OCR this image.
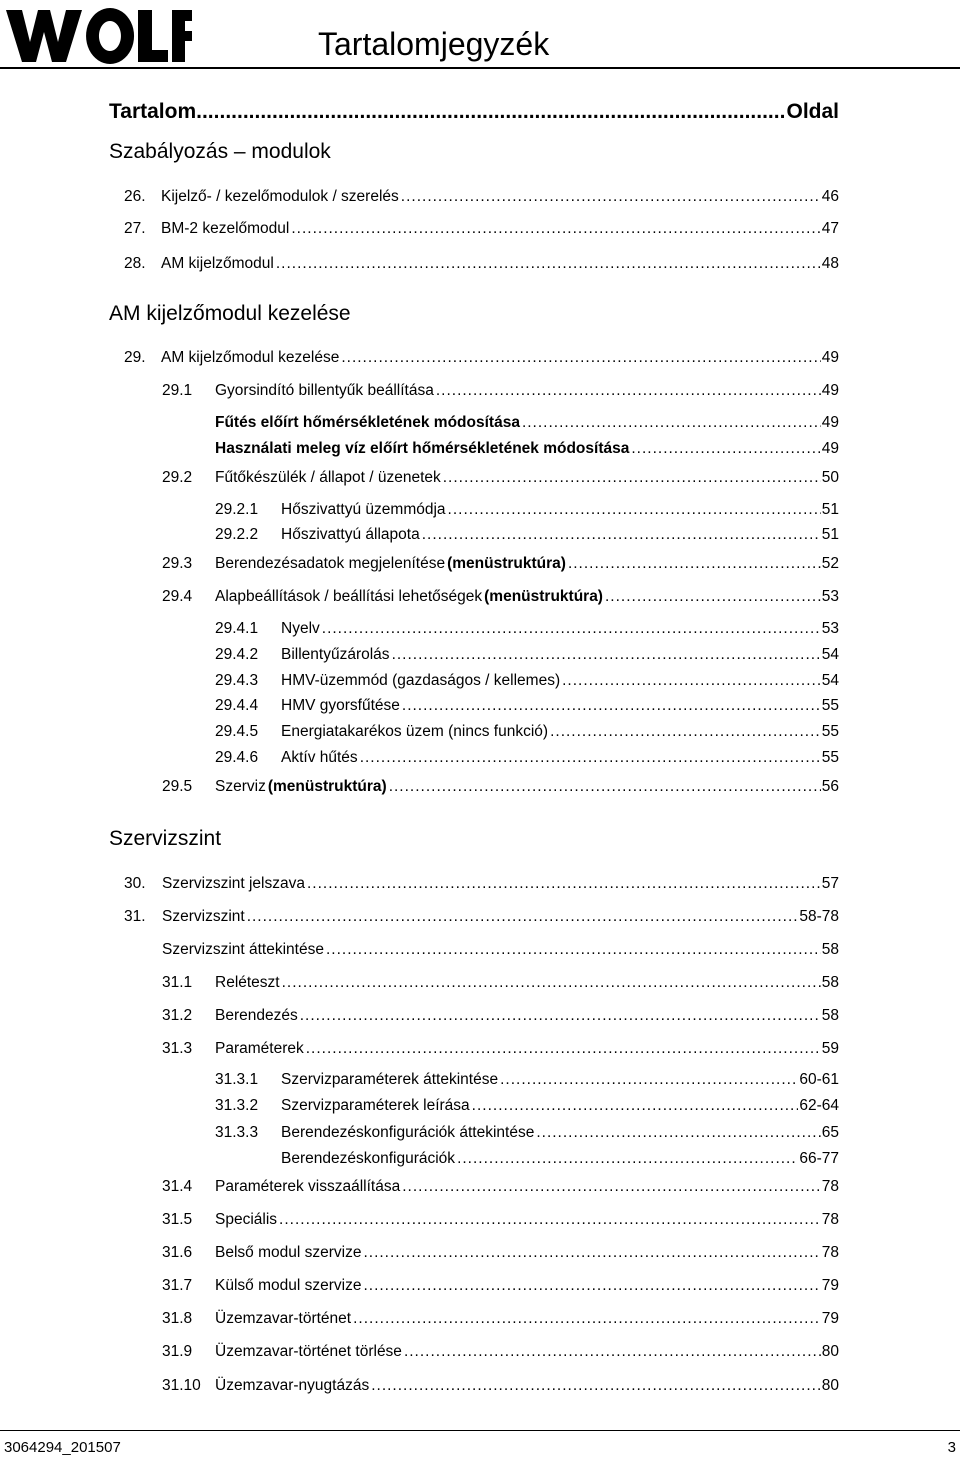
Tartalomjegyzék
Tartalom .....	Oldal
Szabályozás – modulok
AM kijelzőmodul kezelése
Szervizszint
26. Kijelző- / kezelőmodulok / szerelés .....	46
27. BM-2 kezelőmodul .....	47
28. AM kijelzőmodul .....	48
29. AM kijelzőmodul kezelése .....	49
29.1 Gyorsindító billentyűk beállítása .....	49
Fűtés előírt hőmérsékletének módosítása .....	49
Használati meleg víz előírt hőmérsékletének módosítása .....	49
29.2 Fűtőkészülék / állapot / üzenetek .....	50
29.2.1 Hőszivattyú üzemmódja .....	51
29.2.2 Hőszivattyú állapota .....	51
29.3 Berendezésadatok megjelenítése (menüstruktúra) .....	52
29.4 Alapbeállítások / beállítási lehetőségek (menüstruktúra) .....	53
29.4.1 Nyelv .....	53
29.4.2 Billentyűzárolás .....	54
29.4.3 HMV-üzemmód (gazdaságos / kellemes) .....	54
29.4.4 HMV gyorsfűtése .....	55
29.4.5 Energiatakarékos üzem (nincs funkció) .....	55
29.4.6 Aktív hűtés .....	55
29.5 Szerviz (menüstruktúra) .....	56
30. Szervizszint jelszava .....	57
31. Szervizszint .....	58-78
Szervizszint áttekintése .....	58
31.1 Reléteszt .....	58
31.2 Berendezés .....	58
31.3 Paraméterek .....	59
31.3.1 Szervizparaméterek áttekintése .....	60-61
31.3.2 Szervizparaméterek leírása .....	62-64
31.3.3 Berendezéskonfigurációk áttekintése .....	65
Berendezéskonfigurációk .....	66-77
31.4 Paraméterek visszaállítása .....	78
31.5 Speciális .....	78
31.6 Belső modul szervize .....	78
31.7 Külső modul szervize .....	79
31.8 Üzemzavar-történet .....	79
31.9 Üzemzavar-történet törlése .....	80
31.10 Üzemzavar-nyugtázás .....	80
3064294_201507	3
